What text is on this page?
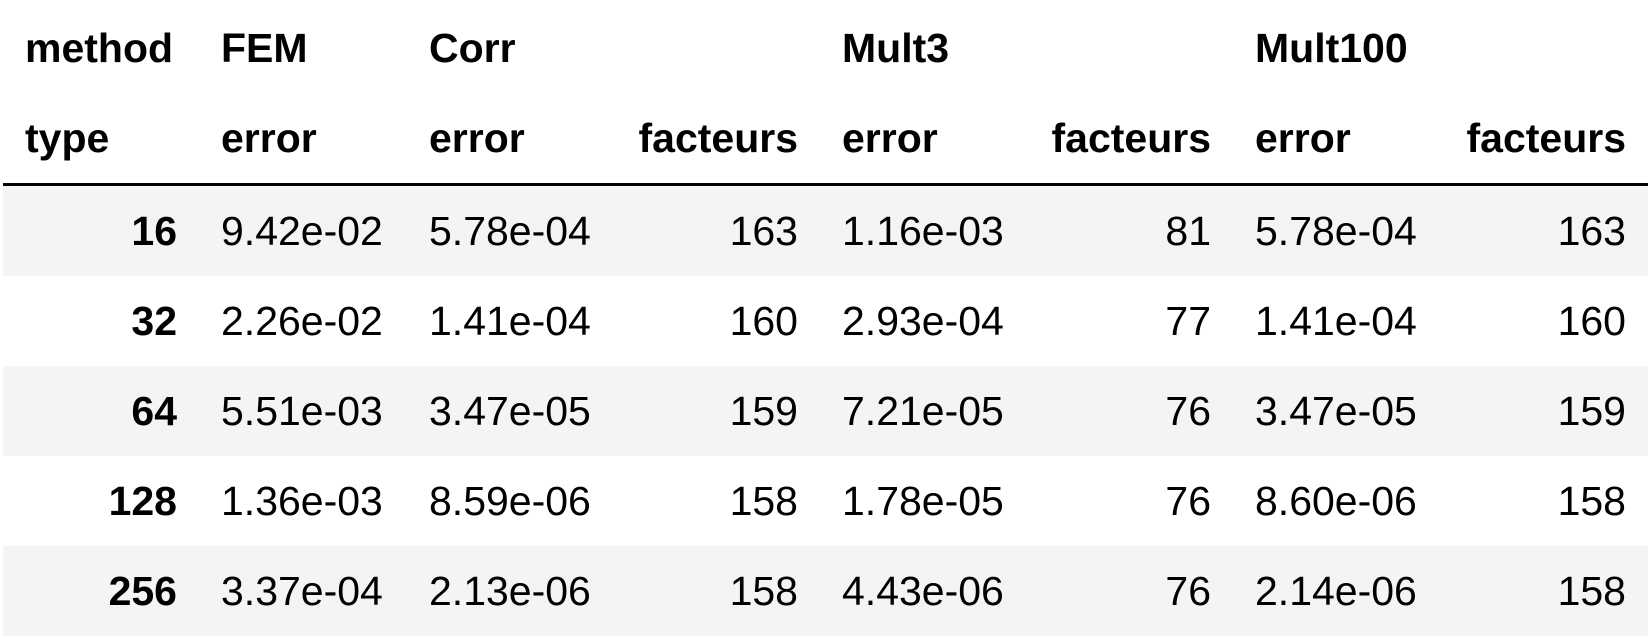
method	FEM	Corr		Mult3		Mult100	
type	error	error	facteurs	error	facteurs	error	facteurs
16	9.42e-02	5.78e-04	163	1.16e-03	81	5.78e-04	163
32	2.26e-02	1.41e-04	160	2.93e-04	77	1.41e-04	160
64	5.51e-03	3.47e-05	159	7.21e-05	76	3.47e-05	159
128	1.36e-03	8.59e-06	158	1.78e-05	76	8.60e-06	158
256	3.37e-04	2.13e-06	158	4.43e-06	76	2.14e-06	158
